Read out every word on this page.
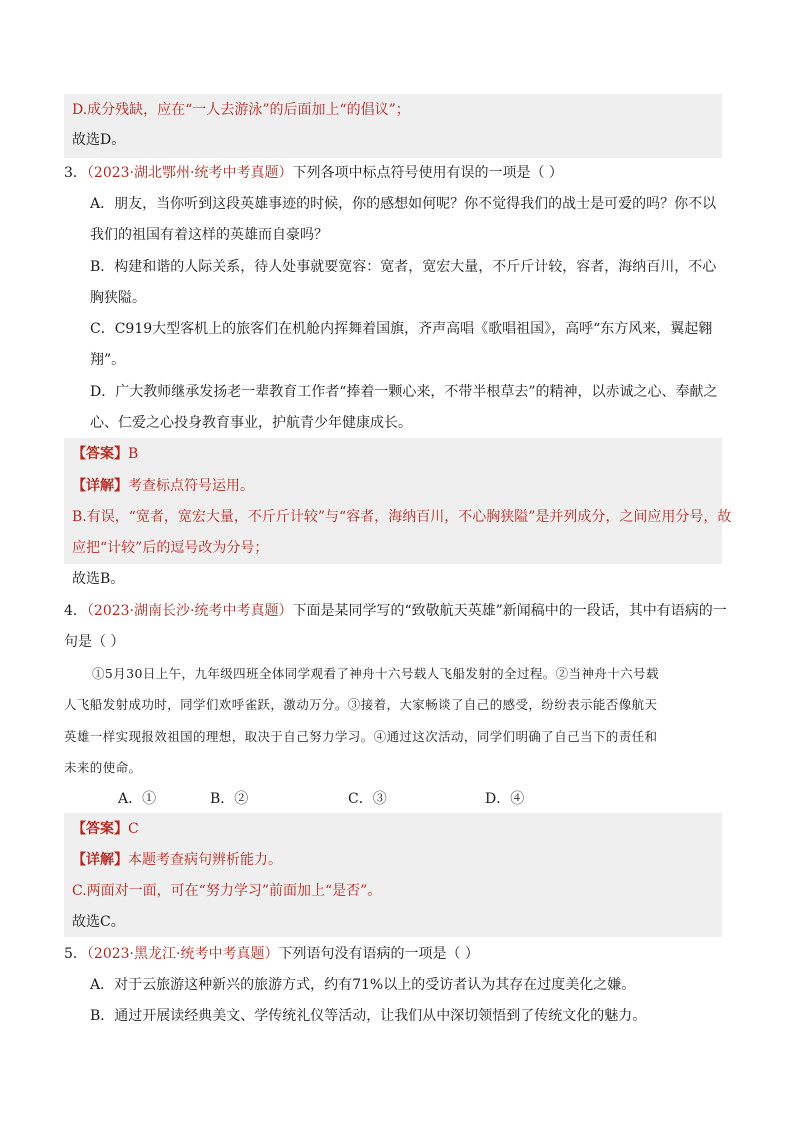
D.成分残缺，应在“一人去游泳”的后面加上“的倡议”；
故选D。
3．（2023·湖北鄂州·统考中考真题）下列各项中标点符号使用有误的一项是（ ）
A．朋友，当你听到这段英雄事迹的时候，你的感想如何呢？你不觉得我们的战士是可爱的吗？你不以
我们的祖国有着这样的英雄而自豪吗？
B．构建和谐的人际关系，待人处事就要宽容：宽者，宽宏大量，不斤斤计较，容者，海纳百川，不心
胸狭隘。
C．C919大型客机上的旅客们在机舱内挥舞着国旗，齐声高唱《歌唱祖国》，高呼“东方风来，翼起翱
翔”。
D．广大教师继承发扬老一辈教育工作者“捧着一颗心来，不带半根草去”的精神，以赤诚之心、奉献之
心、仁爱之心投身教育事业，护航青少年健康成长。
【答案】B
【详解】考查标点符号运用。
B.有误，“宽者，宽宏大量，不斤斤计较”与“容者，海纳百川，不心胸狭隘”是并列成分，之间应用分号，故
应把“计较”后的逗号改为分号；
故选B。
4．（2023·湖南长沙·统考中考真题）下面是某同学写的“致敬航天英雄”新闻稿中的一段话，其中有语病的一
句是（ ）
①5月30日上午，九年级四班全体同学观看了神舟十六号载人飞船发射的全过程。②当神舟十六号载
人飞船发射成功时，同学们欢呼雀跃，激动万分。③接着，大家畅谈了自己的感受，纷纷表示能否像航天
英雄一样实现报效祖国的理想，取决于自己努力学习。④通过这次活动，同学们明确了自己当下的责任和
未来的使命。
A．①	B．②	C．③	D．④
【答案】C
【详解】本题考查病句辨析能力。
C.两面对一面，可在“努力学习”前面加上“是否”。
故选C。
5．（2023·黑龙江·统考中考真题）下列语句没有语病的一项是（ ）
A．对于云旅游这种新兴的旅游方式，约有71%以上的受访者认为其存在过度美化之嫌。
B．通过开展读经典美文、学传统礼仪等活动，让我们从中深切领悟到了传统文化的魅力。
